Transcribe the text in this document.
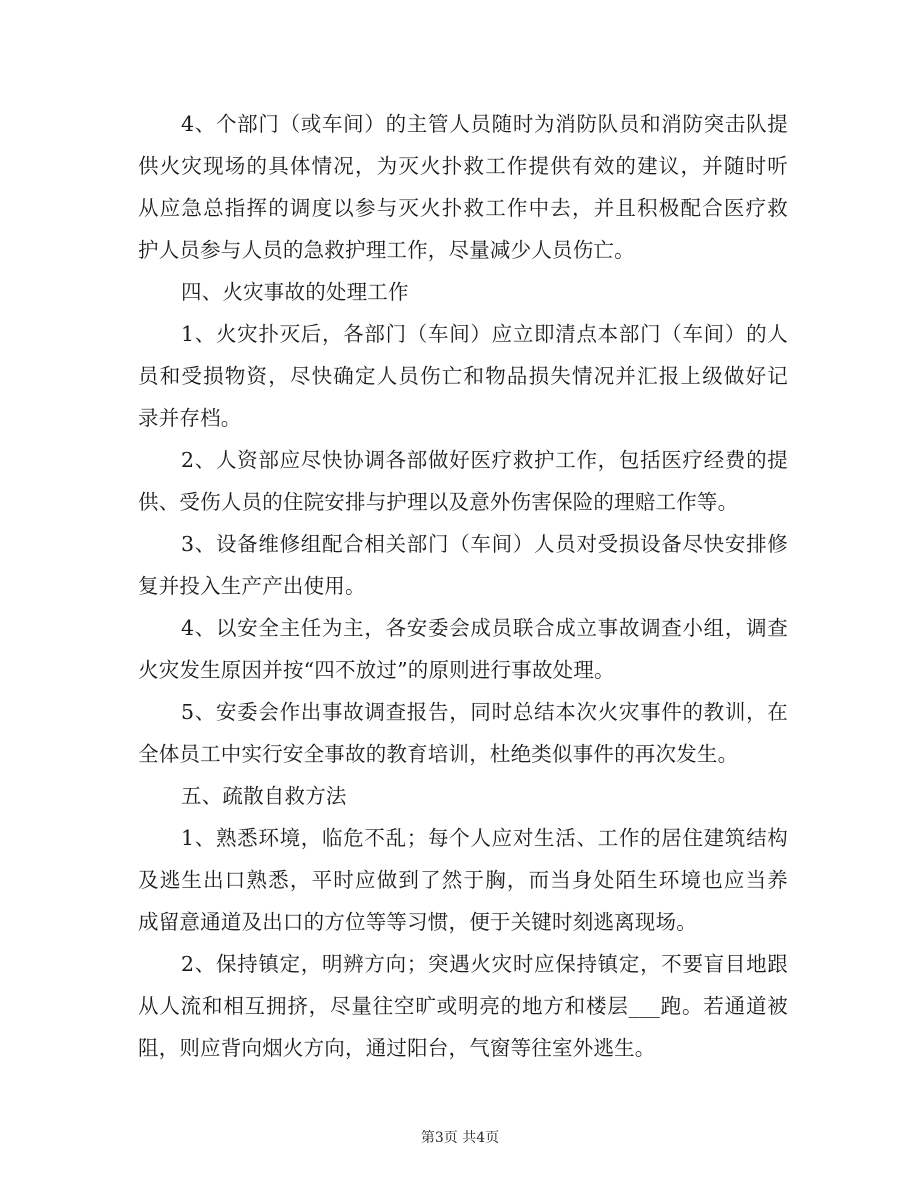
4、个部门（或车间）的主管人员随时为消防队员和消防突击队提
供火灾现场的具体情况，为灭火扑救工作提供有效的建议，并随时听
从应急总指挥的调度以参与灭火扑救工作中去，并且积极配合医疗救
护人员参与人员的急救护理工作，尽量减少人员伤亡。
四、火灾事故的处理工作
1、火灾扑灭后，各部门（车间）应立即清点本部门（车间）的人
员和受损物资，尽快确定人员伤亡和物品损失情况并汇报上级做好记
录并存档。
2、人资部应尽快协调各部做好医疗救护工作，包括医疗经费的提
供、受伤人员的住院安排与护理以及意外伤害保险的理赔工作等。
3、设备维修组配合相关部门（车间）人员对受损设备尽快安排修
复并投入生产产出使用。
4、以安全主任为主，各安委会成员联合成立事故调查小组，调查
火灾发生原因并按“四不放过”的原则进行事故处理。
5、安委会作出事故调查报告，同时总结本次火灾事件的教训，在
全体员工中实行安全事故的教育培训，杜绝类似事件的再次发生。
五、疏散自救方法
1、熟悉环境，临危不乱；每个人应对生活、工作的居住建筑结构
及逃生出口熟悉，平时应做到了然于胸，而当身处陌生环境也应当养
成留意通道及出口的方位等等习惯，便于关键时刻逃离现场。
2、保持镇定，明辨方向；突遇火灾时应保持镇定，不要盲目地跟
从人流和相互拥挤，尽量往空旷或明亮的地方和楼层___跑。若通道被
阻，则应背向烟火方向，通过阳台，气窗等往室外逃生。
第3页 共4页
